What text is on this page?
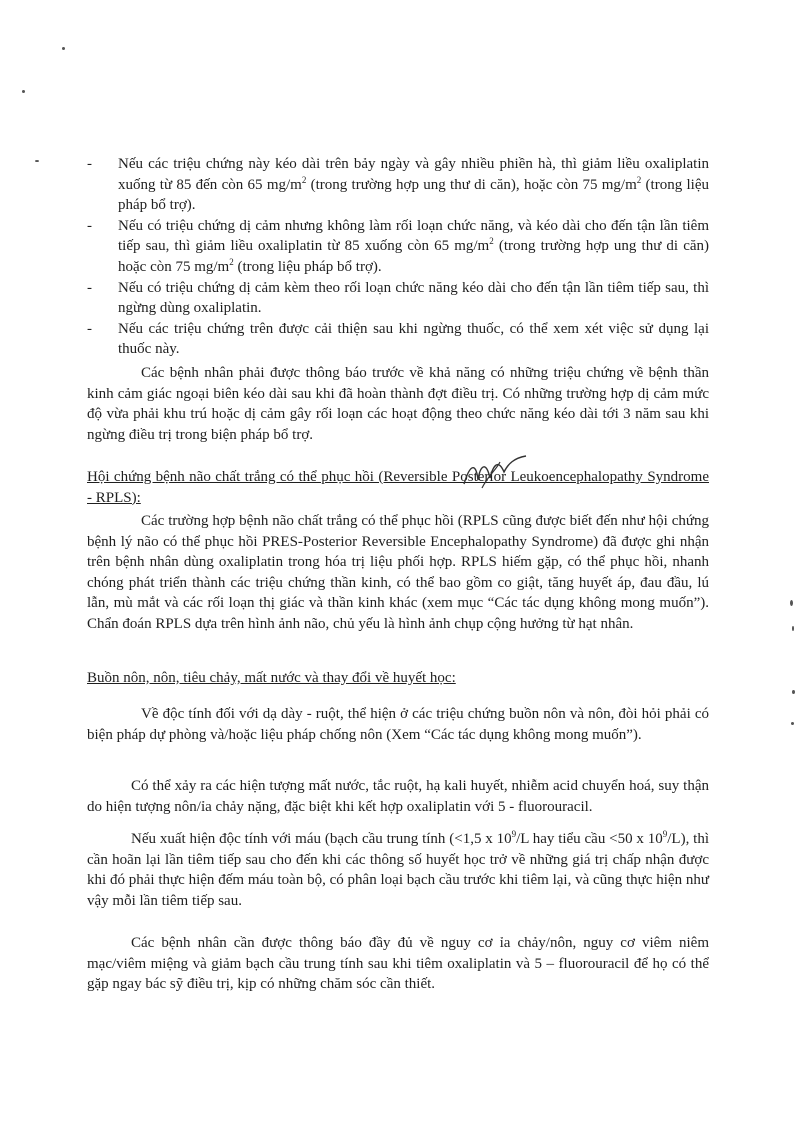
-	Nếu các triệu chứng này kéo dài trên bảy ngày và gây nhiều phiền hà, thì giảm liều oxaliplatin xuống từ 85 đến còn 65 $mg/m^2$ (trong trường hợp ung thư di căn), hoặc còn 75 $mg/m^2$ (trong liệu pháp bổ trợ).
-	Nếu có triệu chứng dị cảm nhưng không làm rối loạn chức năng, và kéo dài cho đến tận lần tiêm tiếp sau, thì giảm liều oxaliplatin từ 85 xuống còn 65 $mg/m^2$ (trong trường hợp ung thư di căn) hoặc còn 75 $mg/m^2$ (trong liệu pháp bổ trợ).
-	Nếu có triệu chứng dị cảm kèm theo rối loạn chức năng kéo dài cho đến tận lần tiêm tiếp sau, thì ngừng dùng oxaliplatin.
-	Nếu các triệu chứng trên được cải thiện sau khi ngừng thuốc, có thể xem xét việc sử dụng lại thuốc này.

Các bệnh nhân phải được thông báo trước về khả năng có những triệu chứng về bệnh thần kinh cảm giác ngoại biên kéo dài sau khi đã hoàn thành đợt điều trị. Có những trường hợp dị cảm mức độ vừa phải khu trú hoặc dị cảm gây rối loạn các hoạt động theo chức năng kéo dài tới 3 năm sau khi ngừng điều trị trong biện pháp bổ trợ.

Hội chứng bệnh não chất trắng có thể phục hồi (Reversible Posterior Leukoencephalopathy Syndrome - RPLS):

Các trường hợp bệnh não chất trắng có thể phục hồi (RPLS cũng được biết đến như hội chứng bệnh lý não có thể phục hồi PRES-Posterior Reversible Encephalopathy Syndrome) đã được ghi nhận trên bệnh nhân dùng oxaliplatin trong hóa trị liệu phối hợp. RPLS hiếm gặp, có thể phục hồi, nhanh chóng phát triển thành các triệu chứng thần kinh, có thể bao gồm co giật, tăng huyết áp, đau đầu, lú lẫn, mù mắt và các rối loạn thị giác và thần kinh khác (xem mục “Các tác dụng không mong muốn”). Chẩn đoán RPLS dựa trên hình ảnh não, chủ yếu là hình ảnh chụp cộng hưởng từ hạt nhân.

Buồn nôn, nôn, tiêu chảy, mất nước và thay đổi về huyết học:

Về độc tính đối với dạ dày - ruột, thể hiện ở các triệu chứng buồn nôn và nôn, đòi hỏi phải có biện pháp dự phòng và/hoặc liệu pháp chống nôn (Xem “Các tác dụng không mong muốn”).

Có thể xảy ra các hiện tượng mất nước, tắc ruột, hạ kali huyết, nhiễm acid chuyển hoá, suy thận do hiện tượng nôn/ỉa chảy nặng, đặc biệt khi kết hợp oxaliplatin với 5 - fluorouracil.

Nếu xuất hiện độc tính với máu (bạch cầu trung tính (<1,5 x $10^9/L$ hay tiểu cầu <50 x $10^9/L$), thì cần hoãn lại lần tiêm tiếp sau cho đến khi các thông số huyết học trở về những giá trị chấp nhận được khi đó phải thực hiện đếm máu toàn bộ, có phân loại bạch cầu trước khi tiêm lại, và cũng thực hiện như vậy mỗi lần tiêm tiếp sau.

Các bệnh nhân cần được thông báo đầy đủ về nguy cơ ỉa chảy/nôn, nguy cơ viêm niêm mạc/viêm miệng và giảm bạch cầu trung tính sau khi tiêm oxaliplatin và 5 – fluorouracil để họ có thể gặp ngay bác sỹ điều trị, kịp có những chăm sóc cần thiết.
